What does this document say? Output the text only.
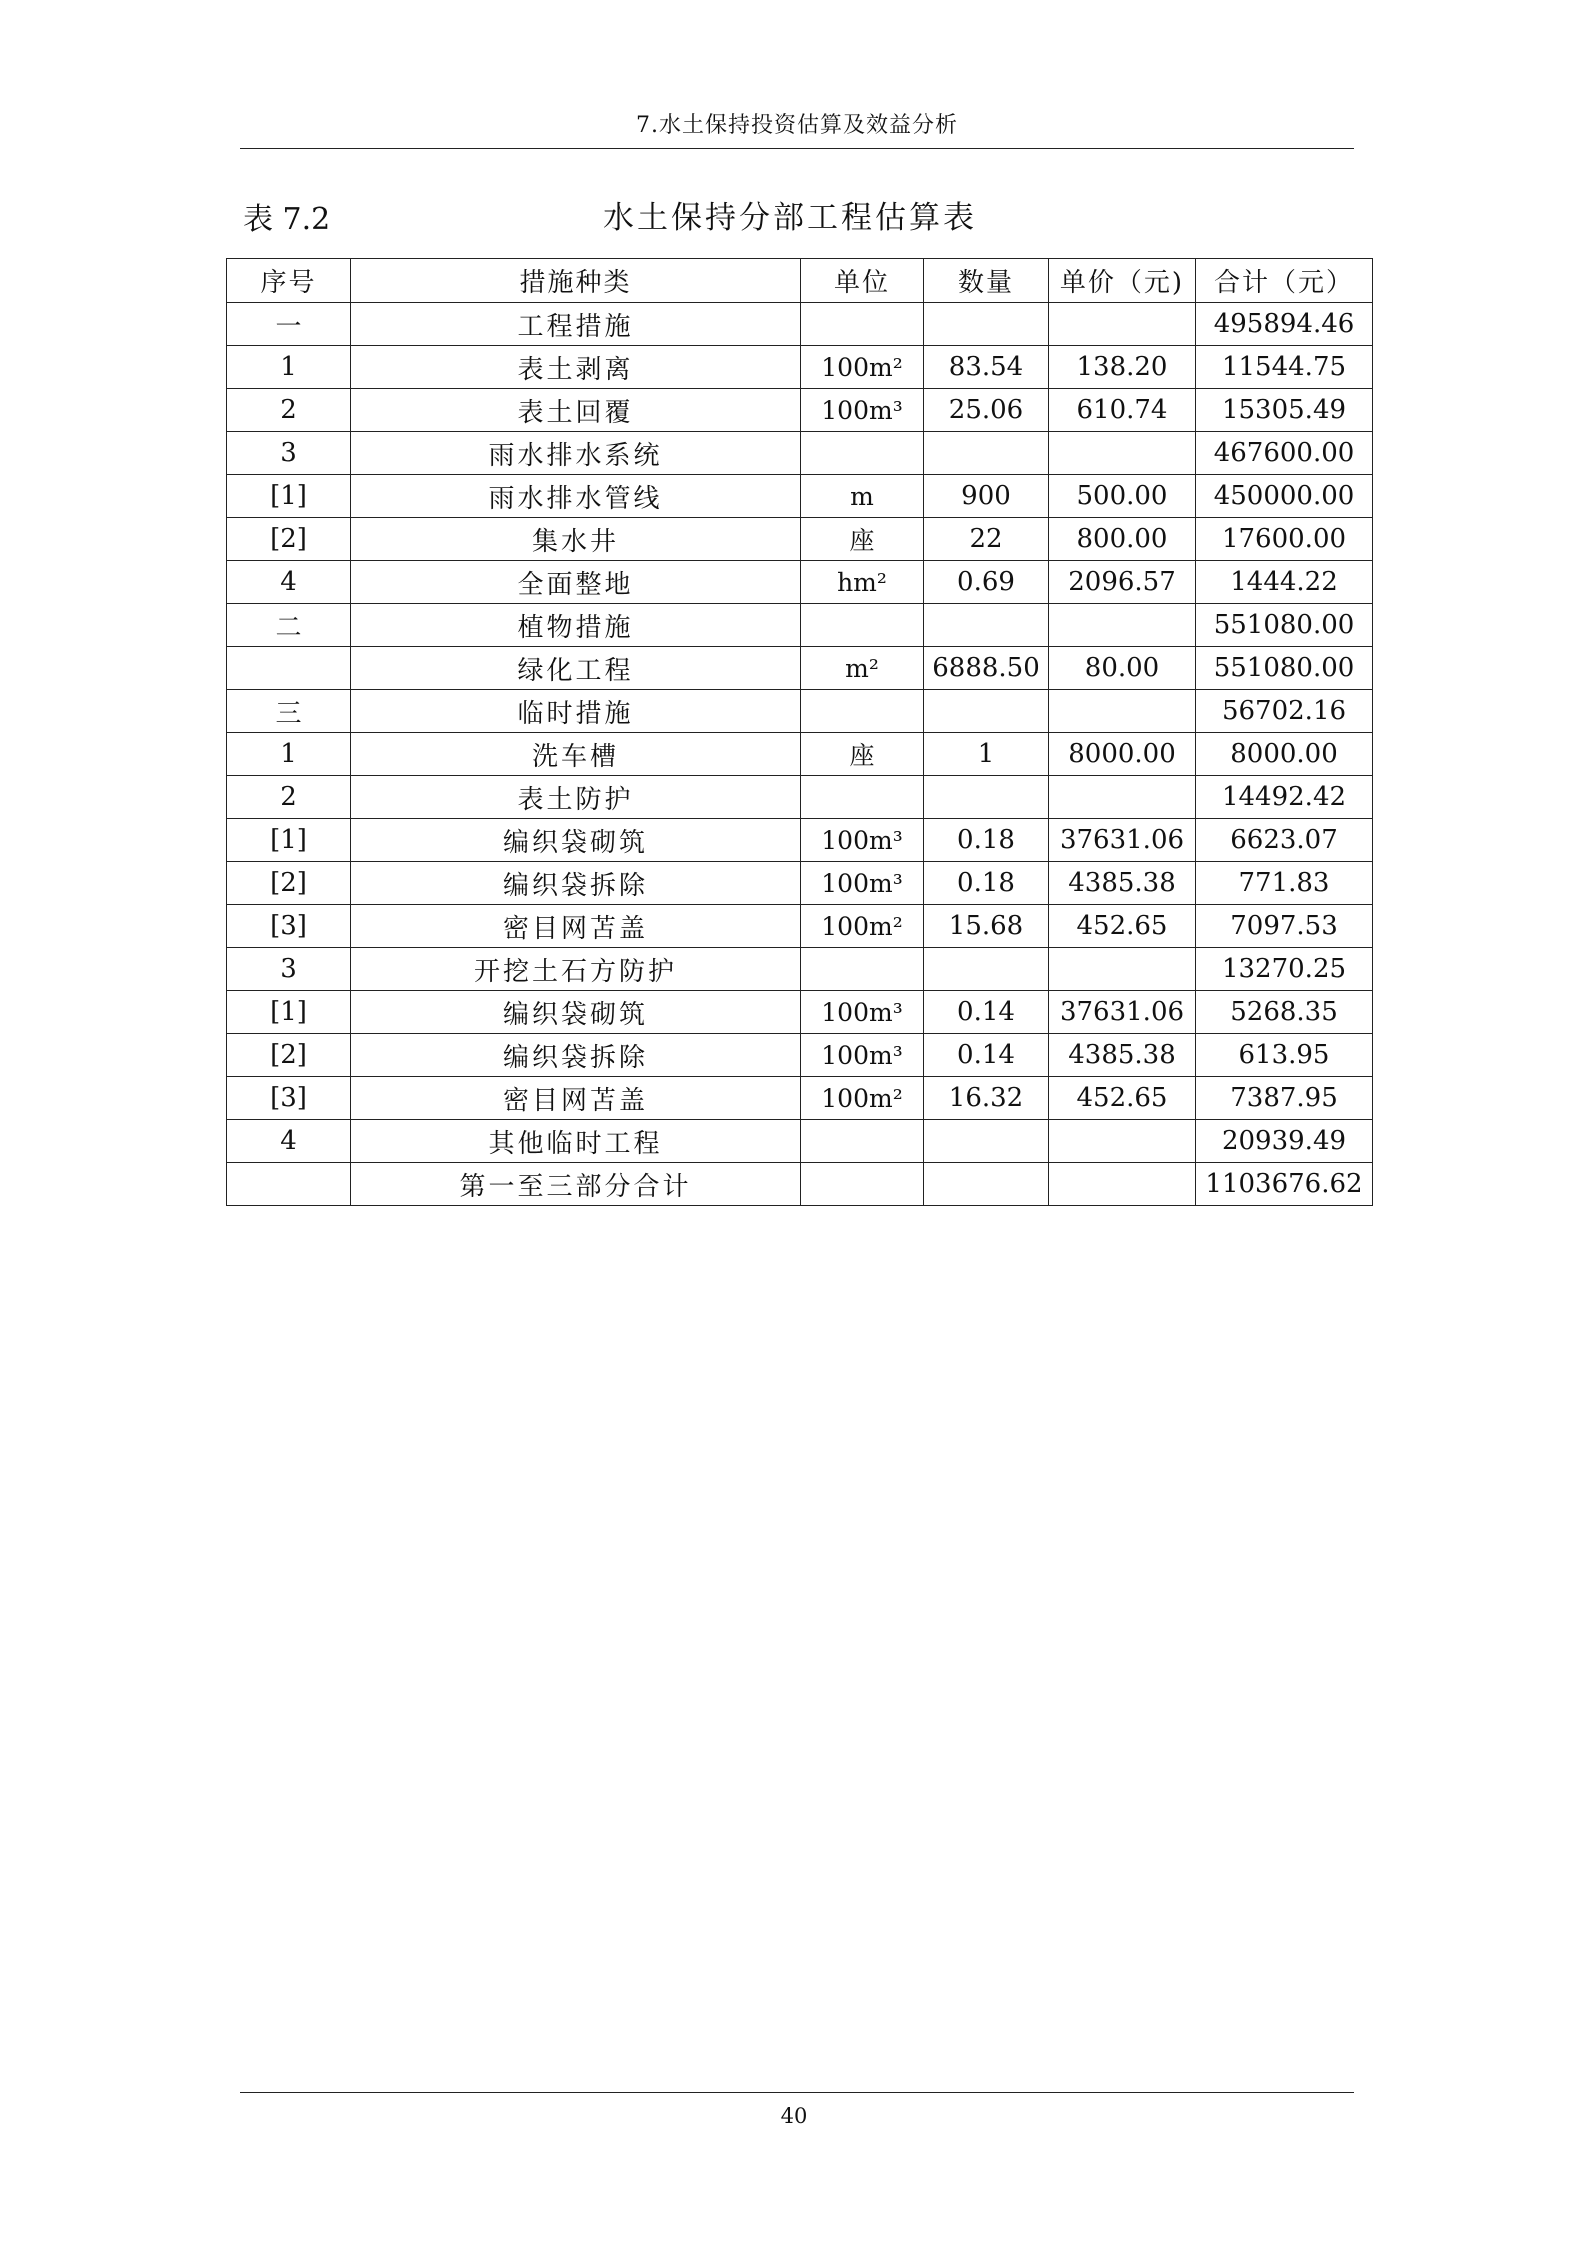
7.水土保持投资估算及效益分析
表 7.2	水土保持分部工程估算表
序号	措施种类	单位	数量	单价（元)	合计（元）
一	工程措施				495894.46
1	表土剥离	100m²	83.54	138.20	11544.75
2	表土回覆	100m³	25.06	610.74	15305.49
3	雨水排水系统				467600.00
[1]	雨水排水管线	m	900	500.00	450000.00
[2]	集水井	座	22	800.00	17600.00
4	全面整地	hm²	0.69	2096.57	1444.22
二	植物措施				551080.00
	绿化工程	m²	6888.50	80.00	551080.00
三	临时措施				56702.16
1	洗车槽	座	1	8000.00	8000.00
2	表土防护				14492.42
[1]	编织袋砌筑	100m³	0.18	37631.06	6623.07
[2]	编织袋拆除	100m³	0.18	4385.38	771.83
[3]	密目网苫盖	100m²	15.68	452.65	7097.53
3	开挖土石方防护				13270.25
[1]	编织袋砌筑	100m³	0.14	37631.06	5268.35
[2]	编织袋拆除	100m³	0.14	4385.38	613.95
[3]	密目网苫盖	100m²	16.32	452.65	7387.95
4	其他临时工程				20939.49
	第一至三部分合计				1103676.62
40
